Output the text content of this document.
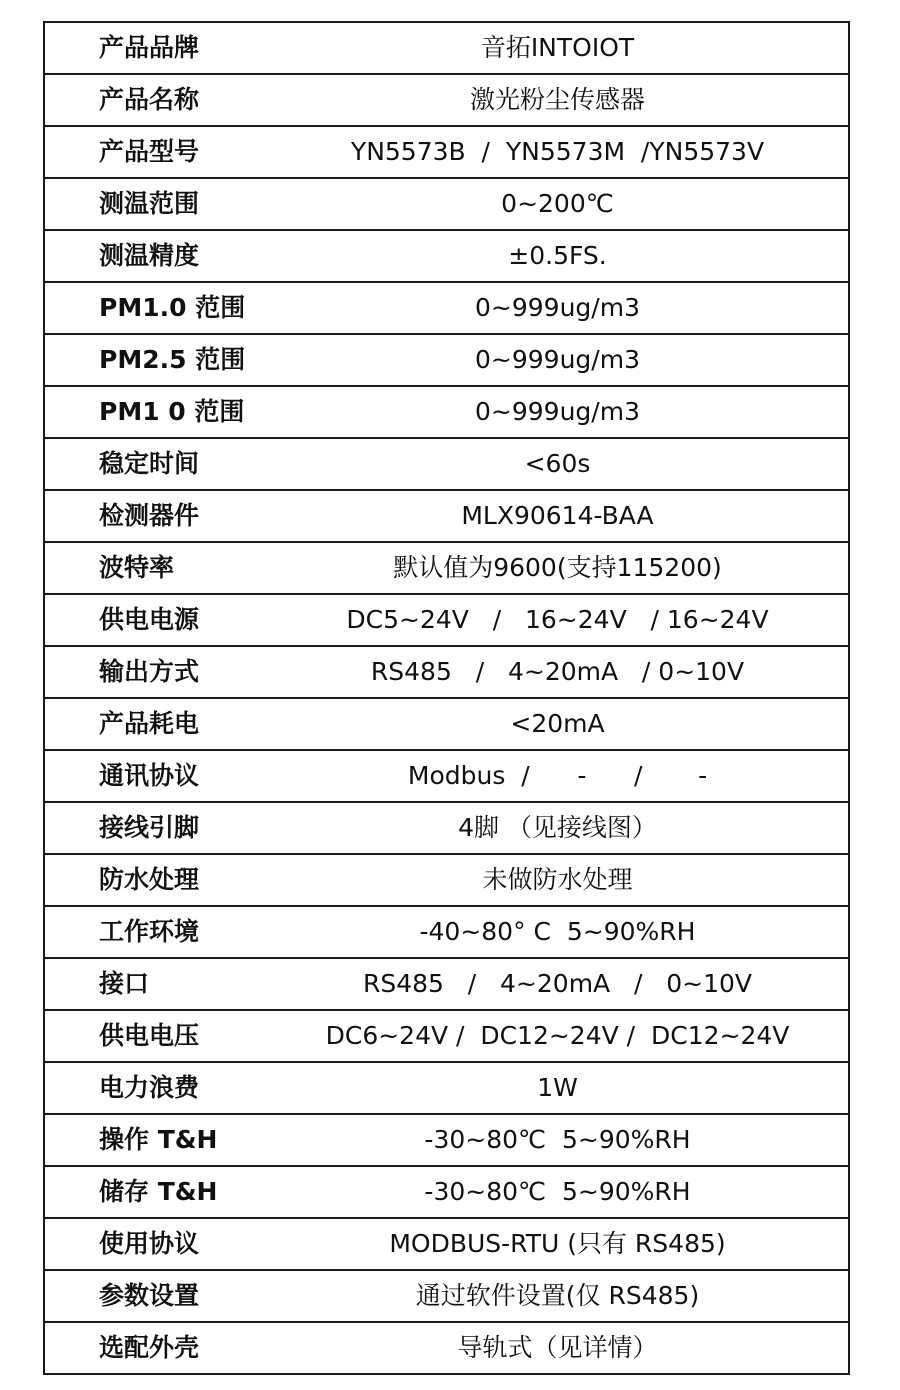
产品品牌	音拓INTOIOT
产品名称	激光粉尘传感器
产品型号	YN5573B  /  YN5573M  /YN5573V
测温范围	0~200℃
测温精度	±0.5FS.
PM1.0 范围	0~999ug/m3
PM2.5 范围	0~999ug/m3
PM1 0 范围	0~999ug/m3
稳定时间	<60s
检测器件	MLX90614-BAA
波特率	默认值为9600(支持115200)
供电电源	DC5~24V   /   16~24V   / 16~24V
输出方式	RS485   /   4~20mA   / 0~10V
产品耗电	<20mA
通讯协议	Modbus  /      -      /       -
接线引脚	4脚 （见接线图）
防水处理	未做防水处理
工作环境	-40~80° C  5~90%RH
接口	RS485   /   4~20mA   /   0~10V
供电电压	DC6~24V /  DC12~24V /  DC12~24V
电力浪费	1W
操作 T&H	-30~80℃  5~90%RH
储存 T&H	-30~80℃  5~90%RH
使用协议	MODBUS-RTU (只有 RS485)
参数设置	通过软件设置(仅 RS485)
选配外壳	导轨式（见详情）
